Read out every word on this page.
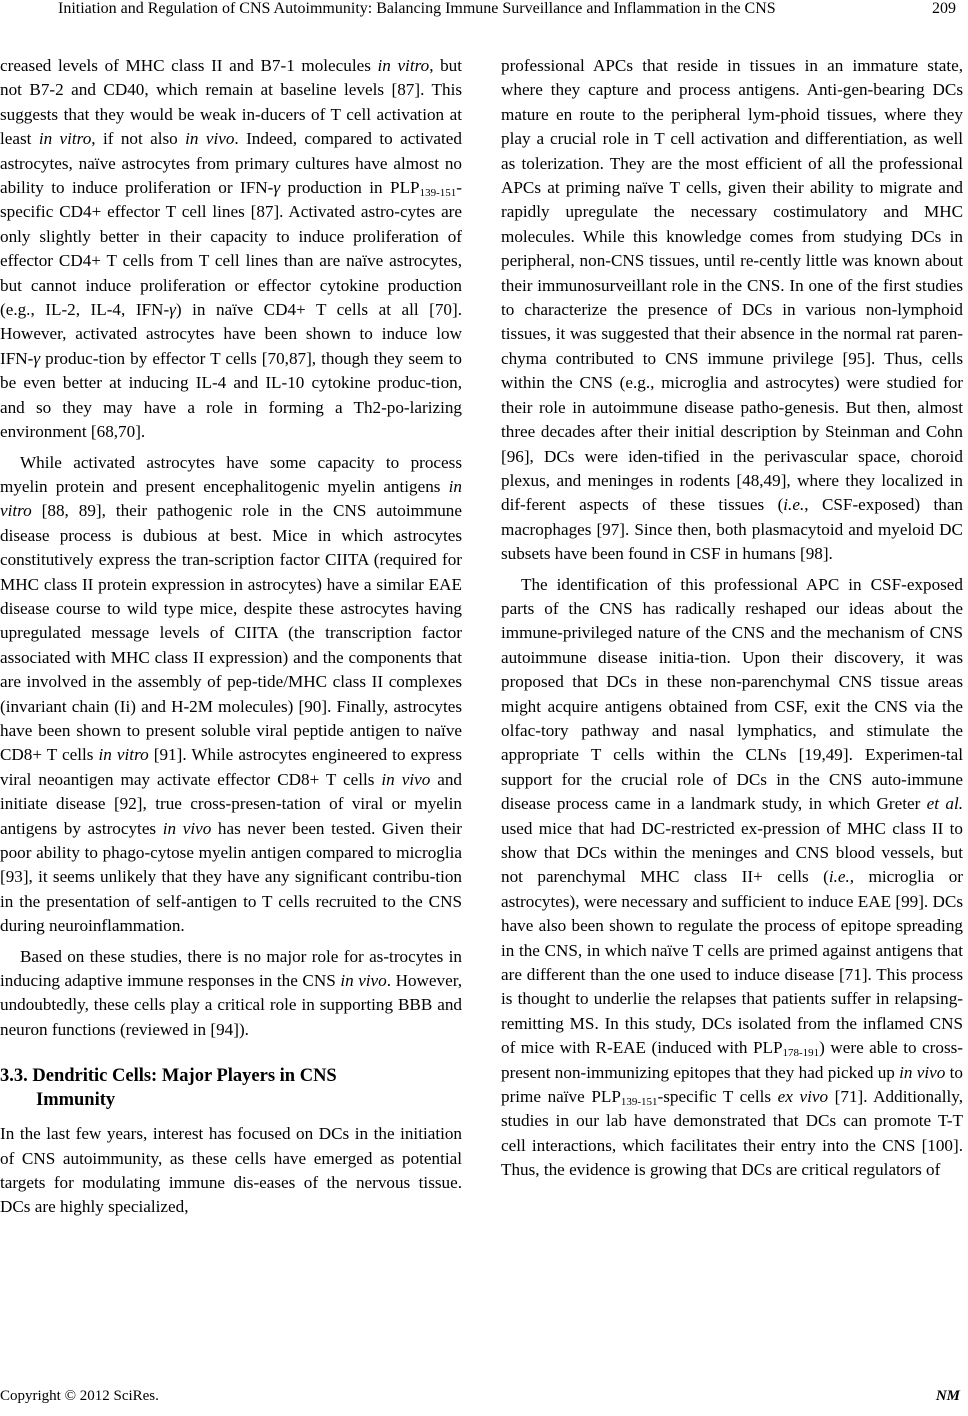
Initiation and Regulation of CNS Autoimmunity: Balancing Immune Surveillance and Inflammation in the CNS	209

creased levels of MHC class II and B7-1 molecules in vitro, but not B7-2 and CD40, which remain at baseline levels [87]. This suggests that they would be weak in-ducers of T cell activation at least in vitro, if not also in vivo. Indeed, compared to activated astrocytes, naïve astrocytes from primary cultures have almost no ability to induce proliferation or IFN-γ production in $PLP_{139-151}$-specific CD4+ effector T cell lines [87]. Activated astro-cytes are only slightly better in their capacity to induce proliferation of effector CD4+ T cells from T cell lines than are naïve astrocytes, but cannot induce proliferation or effector cytokine production (e.g., IL-2, IL-4, IFN-γ) in naïve CD4+ T cells at all [70]. However, activated astrocytes have been shown to induce low IFN-γ produc-tion by effector T cells [70,87], though they seem to be even better at inducing IL-4 and IL-10 cytokine produc-tion, and so they may have a role in forming a Th2-po-larizing environment [68,70].

While activated astrocytes have some capacity to process myelin protein and present encephalitogenic myelin antigens in vitro [88, 89], their pathogenic role in the CNS autoimmune disease process is dubious at best. Mice in which astrocytes constitutively express the tran-scription factor CIITA (required for MHC class II protein expression in astrocytes) have a similar EAE disease course to wild type mice, despite these astrocytes having upregulated message levels of CIITA (the transcription factor associated with MHC class II expression) and the components that are involved in the assembly of pep-tide/MHC class II complexes (invariant chain (Ii) and H-2M molecules) [90]. Finally, astrocytes have been shown to present soluble viral peptide antigen to naïve CD8+ T cells in vitro [91]. While astrocytes engineered to express viral neoantigen may activate effector CD8+ T cells in vivo and initiate disease [92], true cross-presen-tation of viral or myelin antigens by astrocytes in vivo has never been tested. Given their poor ability to phago-cytose myelin antigen compared to microglia [93], it seems unlikely that they have any significant contribu-tion in the presentation of self-antigen to T cells recruited to the CNS during neuroinflammation.

Based on these studies, there is no major role for as-trocytes in inducing adaptive immune responses in the CNS in vivo. However, undoubtedly, these cells play a critical role in supporting BBB and neuron functions (reviewed in [94]).

3.3. Dendritic Cells: Major Players in CNS
Immunity

In the last few years, interest has focused on DCs in the initiation of CNS autoimmunity, as these cells have emerged as potential targets for modulating immune dis-eases of the nervous tissue. DCs are highly specialized,

professional APCs that reside in tissues in an immature state, where they capture and process antigens. Anti-gen-bearing DCs mature en route to the peripheral lym-phoid tissues, where they play a crucial role in T cell activation and differentiation, as well as tolerization. They are the most efficient of all the professional APCs at priming naïve T cells, given their ability to migrate and rapidly upregulate the necessary costimulatory and MHC molecules. While this knowledge comes from studying DCs in peripheral, non-CNS tissues, until re-cently little was known about their immunosurveillant role in the CNS. In one of the first studies to characterize the presence of DCs in various non-lymphoid tissues, it was suggested that their absence in the normal rat paren-chyma contributed to CNS immune privilege [95]. Thus, cells within the CNS (e.g., microglia and astrocytes) were studied for their role in autoimmune disease patho-genesis. But then, almost three decades after their initial description by Steinman and Cohn [96], DCs were iden-tified in the perivascular space, choroid plexus, and meninges in rodents [48,49], where they localized in dif-ferent aspects of these tissues (i.e., CSF-exposed) than macrophages [97]. Since then, both plasmacytoid and myeloid DC subsets have been found in CSF in humans [98].

The identification of this professional APC in CSF-exposed parts of the CNS has radically reshaped our ideas about the immune-privileged nature of the CNS and the mechanism of CNS autoimmune disease initia-tion. Upon their discovery, it was proposed that DCs in these non-parenchymal CNS tissue areas might acquire antigens obtained from CSF, exit the CNS via the olfac-tory pathway and nasal lymphatics, and stimulate the appropriate T cells within the CLNs [19,49]. Experimen-tal support for the crucial role of DCs in the CNS auto-immune disease process came in a landmark study, in which Greter et al. used mice that had DC-restricted ex-pression of MHC class II to show that DCs within the meninges and CNS blood vessels, but not parenchymal MHC class II+ cells (i.e., microglia or astrocytes), were necessary and sufficient to induce EAE [99]. DCs have also been shown to regulate the process of epitope spreading in the CNS, in which naïve T cells are primed against antigens that are different than the one used to induce disease [71]. This process is thought to underlie the relapses that patients suffer in relapsing-remitting MS. In this study, DCs isolated from the inflamed CNS of mice with R-EAE (induced with $PLP_{178-191}$) were able to cross-present non-immunizing epitopes that they had picked up in vivo to prime naïve $PLP_{139-151}$-specific T cells ex vivo [71]. Additionally, studies in our lab have demonstrated that DCs can promote T-T cell interactions, which facilitates their entry into the CNS [100]. Thus, the evidence is growing that DCs are critical regulators of

Copyright © 2012 SciRes.	NM
